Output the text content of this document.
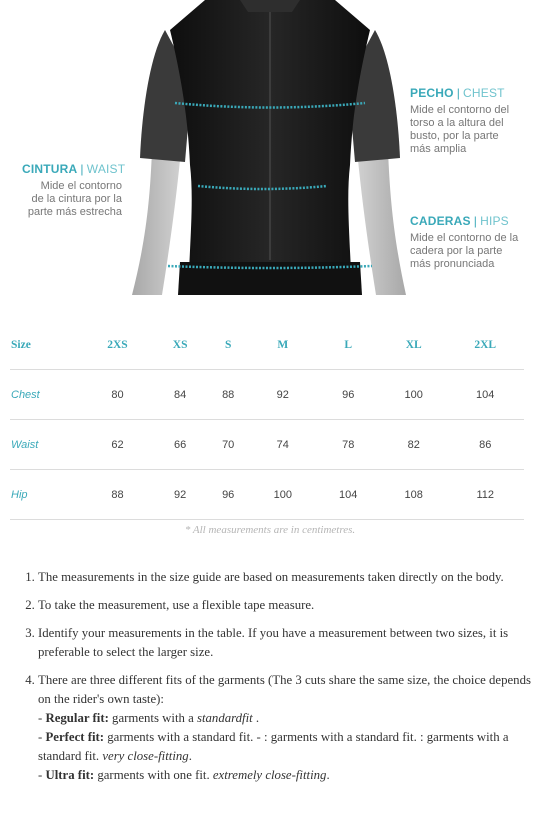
CINTURA | WAIST
Mide el contorno
de la cintura por la
parte más estrecha
PECHO | CHEST
Mide el contorno del
torso a la altura del
busto, por la parte
más amplia
CADERAS | HIPS
Mide el contorno de la
cadera por la parte
más pronunciada
Size	2XS	XS	S	M	L	XL	2XL
Chest	80	84	88	92	96	100	104
Waist	62	66	70	74	78	82	86
Hip	88	92	96	100	104	108	112
* All measurements are in centimetres.
1. The measurements in the size guide are based on measurements taken directly on the body.
2. To take the measurement, use a flexible tape measure.
3. Identify your measurements in the table. If you have a measurement between two sizes, it is preferable to select the larger size.
4. There are three different fits of the garments (The 3 cuts share the same size, the choice depends on the rider's own taste):
- Regular fit: garments with a standardfit .
- Perfect fit: garments with a standard fit. - : garments with a standard fit. : garments with a standard fit. very close-fitting.
- Ultra fit: garments with one fit. extremely close-fitting.
